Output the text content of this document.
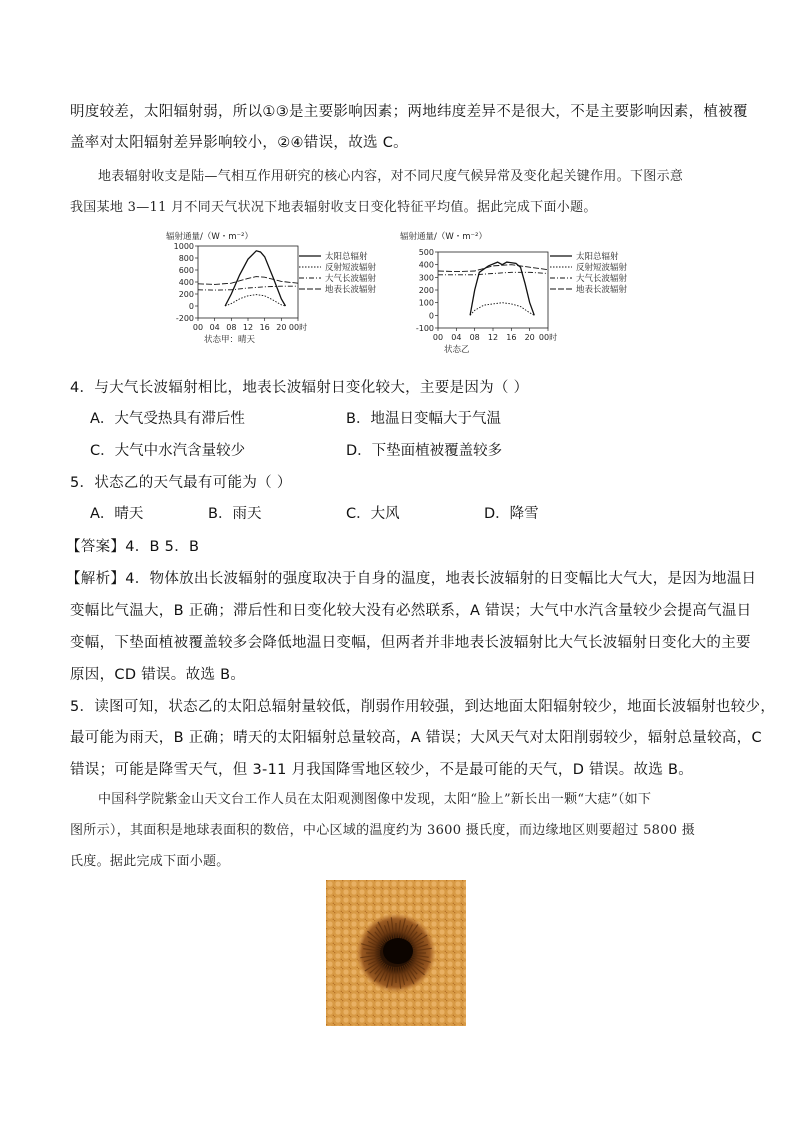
明度较差，太阳辐射弱，所以①③是主要影响因素；两地纬度差异不是很大，不是主要影响因素，植被覆
盖率对太阳辐射差异影响较小，②④错误，故选 C。
地表辐射收支是陆—气相互作用研究的核心内容，对不同尺度气候异常及变化起关键作用。下图示意
我国某地 3—11 月不同天气状况下地表辐射收支日变化特征平均值。据此完成下面小题。
辐射通量/（W・m⁻²）
-200
0
200
400
600
800
1000
00 04 08 12 16 20 00时
状态甲：晴天
太阳总辐射
反射短波辐射
大气长波辐射
地表长波辐射
辐射通量/（W・m⁻²）
-100
0
100
200
300
400
500
00 04 08 12 16 20 00时
状态乙
太阳总辐射
反射短波辐射
大气长波辐射
地表长波辐射
4．与大气长波辐射相比，地表长波辐射日变化较大，主要是因为（ ）
A．大气受热具有滞后性	B．地温日变幅大于气温
C．大气中水汽含量较少	D．下垫面植被覆盖较多
5．状态乙的天气最有可能为（ ）
A．晴天	B．雨天	C．大风	D．降雪
【答案】4．B 5．B
【解析】4．物体放出长波辐射的强度取决于自身的温度，地表长波辐射的日变幅比大气大，是因为地温日
变幅比气温大，B 正确；滞后性和日变化较大没有必然联系，A 错误；大气中水汽含量较少会提高气温日
变幅，下垫面植被覆盖较多会降低地温日变幅，但两者并非地表长波辐射比大气长波辐射日变化大的主要
原因，CD 错误。故选 B。
5．读图可知，状态乙的太阳总辐射量较低，削弱作用较强，到达地面太阳辐射较少，地面长波辐射也较少，
最可能为雨天，B 正确；晴天的太阳辐射总量较高，A 错误；大风天气对太阳削弱较少，辐射总量较高，C
错误；可能是降雪天气，但 3-11 月我国降雪地区较少，不是最可能的天气，D 错误。故选 B。
中国科学院紫金山天文台工作人员在太阳观测图像中发现，太阳“脸上”新长出一颗“大痣”（如下
图所示），其面积是地球表面积的数倍，中心区域的温度约为 3600 摄氏度，而边缘地区则要超过 5800 摄
氏度。据此完成下面小题。
